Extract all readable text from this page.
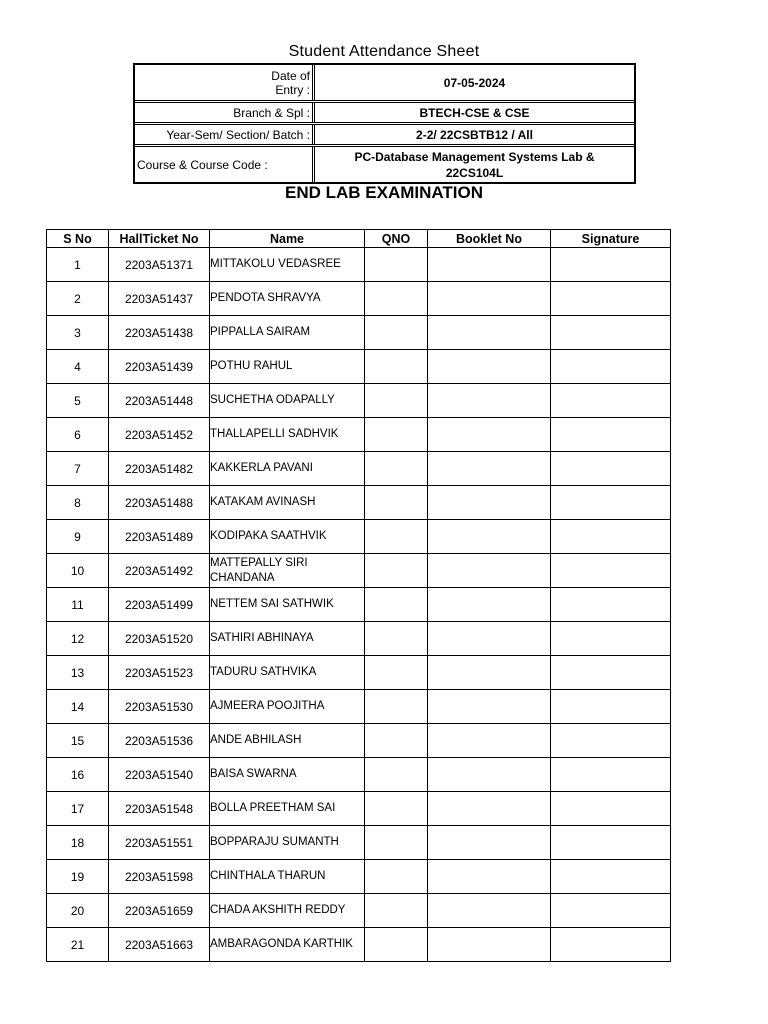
Student Attendance Sheet
Date of Entry :	07-05-2024
Branch & Spl :	BTECH-CSE & CSE
Year-Sem/ Section/ Batch :	2-2/ 22CSBTB12 / All
Course & Course Code :
PC-Database Management Systems Lab & 22CS104L
END LAB EXAMINATION
S No	HallTicket No	Name	QNO	Booklet No	Signature
1	2203A51371	MITTAKOLU VEDASREE			
2	2203A51437	PENDOTA SHRAVYA			
3	2203A51438	PIPPALLA SAIRAM			
4	2203A51439	POTHU RAHUL			
5	2203A51448	SUCHETHA ODAPALLY			
6	2203A51452	THALLAPELLI SADHVIK			
7	2203A51482	KAKKERLA PAVANI			
8	2203A51488	KATAKAM AVINASH			
9	2203A51489	KODIPAKA SAATHVIK			
10	2203A51492	MATTEPALLY SIRI CHANDANA			
11	2203A51499	NETTEM SAI SATHWIK			
12	2203A51520	SATHIRI ABHINAYA			
13	2203A51523	TADURU SATHVIKA			
14	2203A51530	AJMEERA POOJITHA			
15	2203A51536	ANDE ABHILASH			
16	2203A51540	BAISA SWARNA			
17	2203A51548	BOLLA PREETHAM SAI			
18	2203A51551	BOPPARAJU SUMANTH			
19	2203A51598	CHINTHALA THARUN			
20	2203A51659	CHADA AKSHITH REDDY			
21	2203A51663	AMBARAGONDA KARTHIK			
